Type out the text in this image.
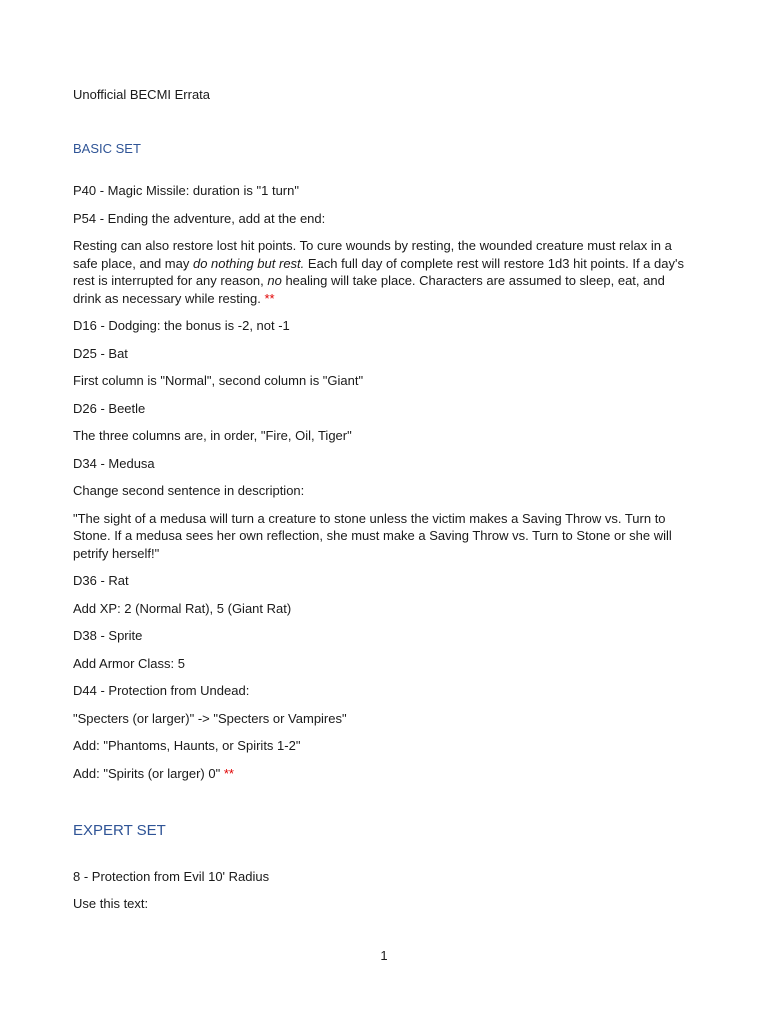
Unofficial BECMI Errata

BASIC SET

P40 - Magic Missile: duration is "1 turn"

P54 - Ending the adventure, add at the end:

Resting can also restore lost hit points. To cure wounds by resting, the wounded creature must relax in a safe place, and may do nothing but rest. Each full day of complete rest will restore 1d3 hit points. If a day's rest is interrupted for any reason, no healing will take place. Characters are assumed to sleep, eat, and drink as necessary while resting. **

D16 - Dodging: the bonus is -2, not -1

D25 - Bat

First column is "Normal", second column is "Giant"

D26 - Beetle

The three columns are, in order, "Fire, Oil, Tiger"

D34 - Medusa

Change second sentence in description:

"The sight of a medusa will turn a creature to stone unless the victim makes a Saving Throw vs. Turn to Stone. If a medusa sees her own reflection, she must make a Saving Throw vs. Turn to Stone or she will petrify herself!"

D36 - Rat

Add XP: 2 (Normal Rat), 5 (Giant Rat)

D38 - Sprite

Add Armor Class: 5

D44 - Protection from Undead:

"Specters (or larger)" -> "Specters or Vampires"

Add: "Phantoms, Haunts, or Spirits 1-2"

Add: "Spirits (or larger) 0" **

EXPERT SET

8 - Protection from Evil 10' Radius

Use this text:

1
